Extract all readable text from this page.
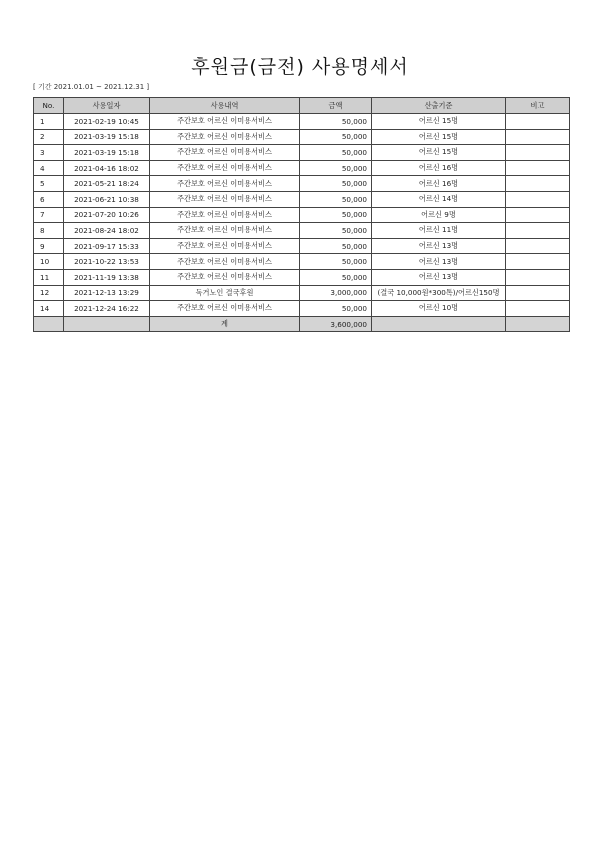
후원금(금전) 사용명세서
[ 기간 2021.01.01 ~ 2021.12.31 ]
No.	사용일자	사용내역	금액	산출기준	비고
1	2021-02-19 10:45	주간보호 어르신 이미용서비스	50,000	어르신 15명	
2	2021-03-19 15:18	주간보호 어르신 이미용서비스	50,000	어르신 15명	
3	2021-03-19 15:18	주간보호 어르신 이미용서비스	50,000	어르신 15명	
4	2021-04-16 18:02	주간보호 어르신 이미용서비스	50,000	어르신 16명	
5	2021-05-21 18:24	주간보호 어르신 이미용서비스	50,000	어르신 16명	
6	2021-06-21 10:38	주간보호 어르신 이미용서비스	50,000	어르신 14명	
7	2021-07-20 10:26	주간보호 어르신 이미용서비스	50,000	어르신 9명	
8	2021-08-24 18:02	주간보호 어르신 이미용서비스	50,000	어르신 11명	
9	2021-09-17 15:33	주간보호 어르신 이미용서비스	50,000	어르신 13명	
10	2021-10-22 13:53	주간보호 어르신 이미용서비스	50,000	어르신 13명	
11	2021-11-19 13:38	주간보호 어르신 이미용서비스	50,000	어르신 13명	
12	2021-12-13 13:29	독거노인 결국후원	3,000,000	(결국 10,000원*300톡)/어르신150명	
14	2021-12-24 16:22	주간보호 어르신 이미용서비스	50,000	어르신 10명	
		계	3,600,000		
